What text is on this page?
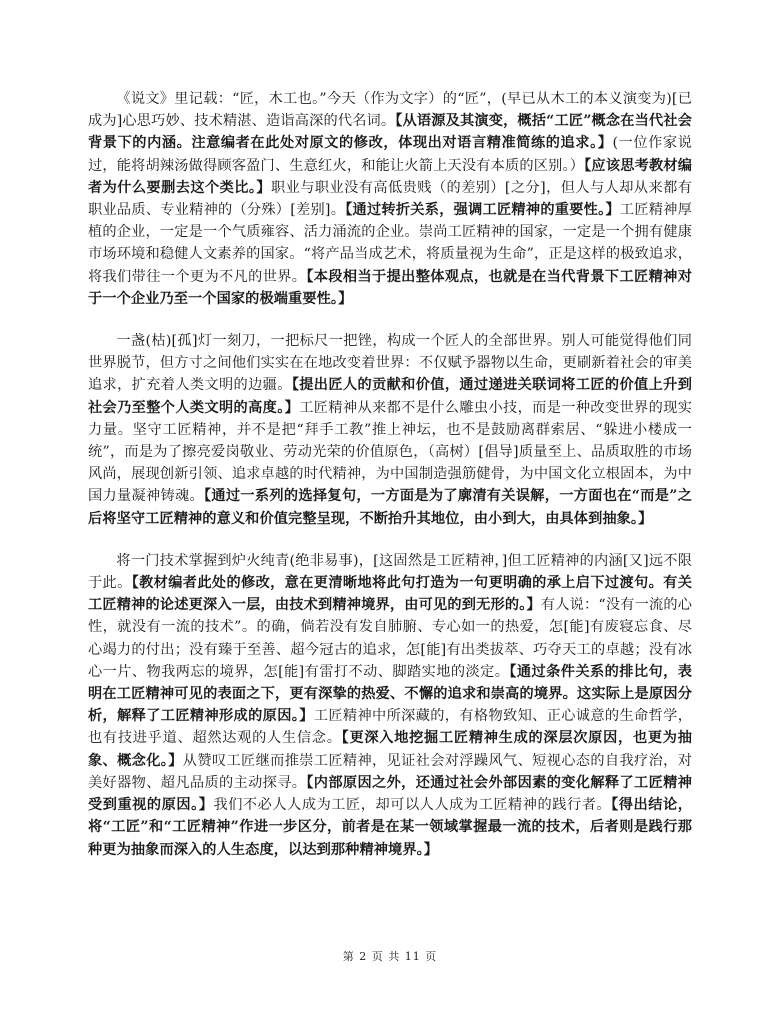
《说文》里记载：“匠，木工也。”今天（作为文字）的“匠”，(早已从木工的本义演变为)[已成为]心思巧妙、技术精湛、造诣高深的代名词。【从语源及其演变，概括“工匠”概念在当代社会背景下的内涵。注意编者在此处对原文的修改，体现出对语言精准简练的追求。】(一位作家说过，能将胡辣汤做得顾客盈门、生意红火，和能让火箭上天没有本质的区别。）【应该思考教材编者为什么要删去这个类比。】职业与职业没有高低贵贱（的差别）[之分]，但人与人却从来都有职业品质、专业精神的（分殊）[差别]。【通过转折关系，强调工匠精神的重要性。】工匠精神厚植的企业，一定是一个气质雍容、活力涌流的企业。崇尚工匠精神的国家，一定是一个拥有健康市场环境和稳健人文素养的国家。“将产品当成艺术，将质量视为生命”，正是这样的极致追求，将我们带往一个更为不凡的世界。【本段相当于提出整体观点，也就是在当代背景下工匠精神对于一个企业乃至一个国家的极端重要性。】

一盏(枯)[孤]灯一刻刀，一把标尺一把锉，构成一个匠人的全部世界。别人可能觉得他们同世界脱节，但方寸之间他们实实在在地改变着世界：不仅赋予器物以生命，更刷新着社会的审美追求，扩充着人类文明的边疆。【提出匠人的贡献和价值，通过递进关联词将工匠的价值上升到社会乃至整个人类文明的高度。】工匠精神从来都不是什么雕虫小技，而是一种改变世界的现实力量。坚守工匠精神，并不是把“拜手工教”推上神坛，也不是鼓励离群索居、“躲进小楼成一统”，而是为了擦亮爱岗敬业、劳动光荣的价值原色，（高树）[倡导]质量至上、品质取胜的市场风尚，展现创新引领、追求卓越的时代精神，为中国制造强筋健骨，为中国文化立根固本，为中国力量凝神铸魂。【通过一系列的选择复句，一方面是为了廓清有关误解，一方面也在“而是”之后将坚守工匠精神的意义和价值完整呈现，不断抬升其地位，由小到大，由具体到抽象。】

将一门技术掌握到炉火纯青(绝非易事)，[这固然是工匠精神，]但工匠精神的内涵[又]远不限于此。【教材编者此处的修改，意在更清晰地将此句打造为一句更明确的承上启下过渡句。有关工匠精神的论述更深入一层，由技术到精神境界，由可见的到无形的。】有人说：“没有一流的心性，就没有一流的技术”。的确，倘若没有发自肺腑、专心如一的热爱，怎[能]有废寝忘食、尽心竭力的付出；没有臻于至善、超今冠古的追求，怎[能]有出类拔萃、巧夺天工的卓越；没有冰心一片、物我两忘的境界，怎[能]有雷打不动、脚踏实地的淡定。【通过条件关系的排比句，表明在工匠精神可见的表面之下，更有深挚的热爱、不懈的追求和崇高的境界。这实际上是原因分析，解释了工匠精神形成的原因。】工匠精神中所深藏的，有格物致知、正心诚意的生命哲学，也有技进乎道、超然达观的人生信念。【更深入地挖掘工匠精神生成的深层次原因，也更为抽象、概念化。】从赞叹工匠继而推崇工匠精神，见证社会对浮躁风气、短视心态的自我疗治，对美好器物、超凡品质的主动探寻。【内部原因之外，还通过社会外部因素的变化解释了工匠精神受到重视的原因。】我们不必人人成为工匠，却可以人人成为工匠精神的践行者。【得出结论，将“工匠”和“工匠精神”作进一步区分，前者是在某一领域掌握最一流的技术，后者则是践行那种更为抽象而深入的人生态度，以达到那种精神境界。】

第 2 页 共 11 页
